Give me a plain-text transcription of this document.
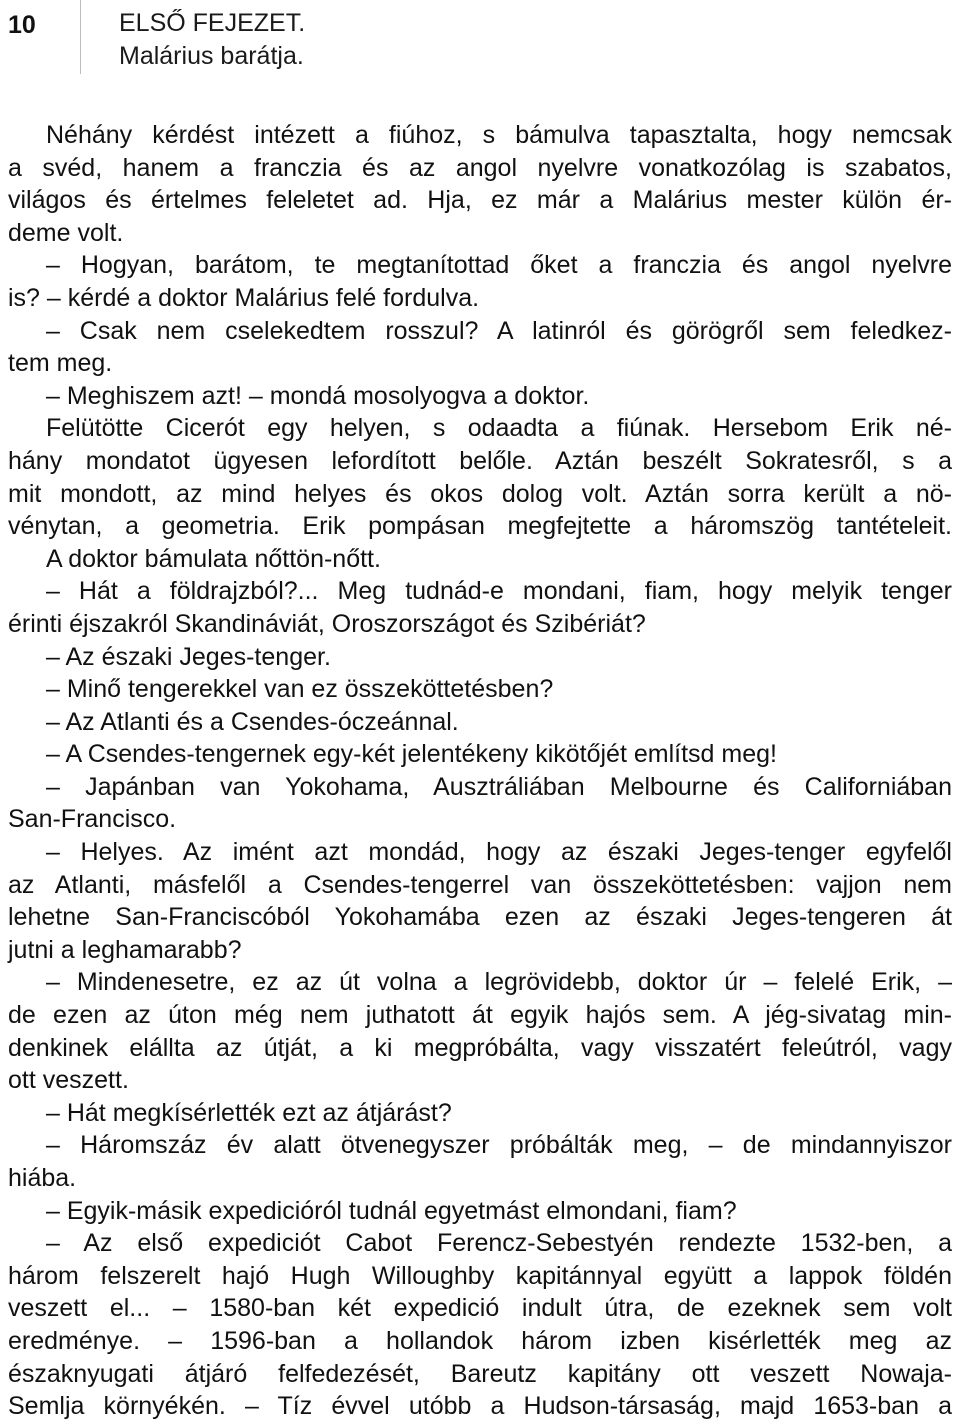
10	ELSŐ FEJEZET.
Malárius barátja.
Néhány kérdést intézett a fiúhoz, s bámulva tapasztalta, hogy nemcsak
a svéd, hanem a franczia és az angol nyelvre vonatkozólag is szabatos,
világos és értelmes feleletet ad. Hja, ez már a Malárius mester külön ér-
deme volt.
– Hogyan, barátom, te megtanítottad őket a franczia és angol nyelvre
is? – kérdé a doktor Malárius felé fordulva.
– Csak nem cselekedtem rosszul? A latinról és görögről sem feledkez-
tem meg.
– Meghiszem azt! – mondá mosolyogva a doktor.
Felütötte Cicerót egy helyen, s odaadta a fiúnak. Hersebom Erik né-
hány mondatot ügyesen lefordított belőle. Aztán beszélt Sokratesről, s a
mit mondott, az mind helyes és okos dolog volt. Aztán sorra került a nö-
vénytan, a geometria. Erik pompásan megfejtette a háromszög tantételeit.
A doktor bámulata nőttön-nőtt.
– Hát a földrajzból?... Meg tudnád-e mondani, fiam, hogy melyik tenger
érinti éjszakról Skandináviát, Oroszországot és Szibériát?
– Az északi Jeges-tenger.
– Minő tengerekkel van ez összeköttetésben?
– Az Atlanti és a Csendes-óczeánnal.
– A Csendes-tengernek egy-két jelentékeny kikötőjét említsd meg!
– Japánban van Yokohama, Ausztráliában Melbourne és Californiában
San-Francisco.
– Helyes. Az imént azt mondád, hogy az északi Jeges-tenger egyfelől
az Atlanti, másfelől a Csendes-tengerrel van összeköttetésben: vajjon nem
lehetne San-Franciscóból Yokohamába ezen az északi Jeges-tengeren át
jutni a leghamarabb?
– Mindenesetre, ez az út volna a legrövidebb, doktor úr – felelé Erik, –
de ezen az úton még nem juthatott át egyik hajós sem. A jég-sivatag min-
denkinek elállta az útját, a ki megpróbálta, vagy visszatért feleútról, vagy
ott veszett.
– Hát megkísérlették ezt az átjárást?
– Háromszáz év alatt ötvenegyszer próbálták meg, – de mindannyiszor
hiába.
– Egyik-másik expedicióról tudnál egyetmást elmondani, fiam?
– Az első expediciót Cabot Ferencz-Sebestyén rendezte 1532-ben, a
három felszerelt hajó Hugh Willoughby kapitánnyal együtt a lappok földén
veszett el... – 1580-ban két expedició indult útra, de ezeknek sem volt
eredménye. – 1596-ban a hollandok három izben kisérlették meg az
északnyugati átjáró felfedezését, Bareutz kapitány ott veszett Nowaja-
Semlja környékén. – Tíz évvel utóbb a Hudson-társaság, majd 1653-ban a
